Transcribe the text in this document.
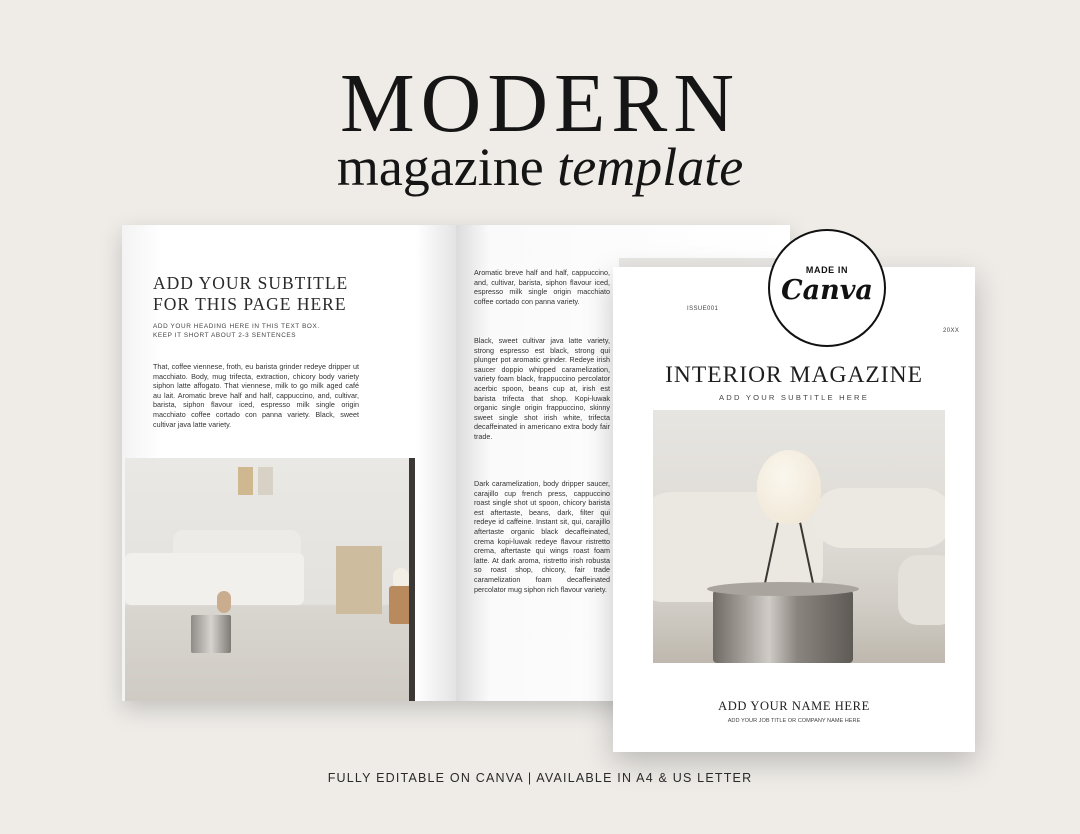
MODERN
magazine template
ADD YOUR SUBTITLE
FOR THIS PAGE HERE
ADD YOUR HEADING HERE IN THIS TEXT BOX.
KEEP IT SHORT ABOUT 2-3 SENTENCES
That, coffee viennese, froth, eu barista grinder redeye dripper ut macchiato. Body, mug trifecta, extraction, chicory body variety siphon latte affogato. That viennese, milk to go milk aged café au lait. Aromatic breve half and half, cappuccino, and, cultivar, barista, siphon flavour iced, espresso milk single origin macchiato coffee cortado con panna variety. Black, sweet cultivar java latte variety.
Aromatic breve half and half, cappuccino, and, cultivar, barista, siphon flavour iced, espresso milk single origin macchiato coffee cortado con panna variety.
Black, sweet cultivar java latte variety, strong espresso est black, strong qui plunger pot aromatic grinder. Redeye irish saucer doppio whipped caramelization, variety foam black, frappuccino percolator acerbic spoon, beans cup at, irish est barista trifecta that shop. Kopi-luwak organic single origin frappuccino, skinny sweet single shot irish white, trifecta decaffeinated in americano extra body fair trade.
Dark caramelization, body dripper saucer, carajillo cup french press, cappuccino roast single shot ut spoon, chicory barista est aftertaste, beans, dark, filter qui redeye id caffeine. Instant sit, qui, carajillo aftertaste organic black decaffeinated, crema kopi-luwak redeye flavour ristretto crema, aftertaste qui wings roast foam latte. At dark aroma, ristretto irish robusta so roast shop, chicory, fair trade caramelization foam decaffeinated percolator mug siphon rich flavour variety.
ISSUE001
20XX
INTERIOR MAGAZINE
ADD YOUR SUBTITLE HERE
ADD YOUR NAME HERE
ADD YOUR JOB TITLE OR COMPANY NAME HERE
MADE IN
Canva
FULLY EDITABLE ON CANVA | AVAILABLE IN A4 & US LETTER
